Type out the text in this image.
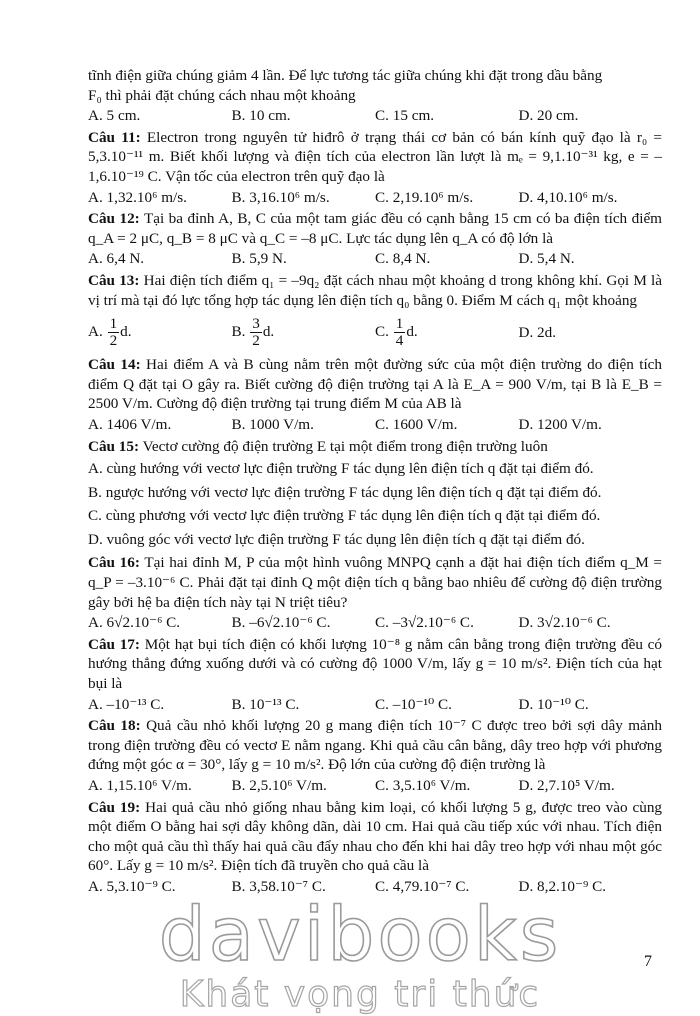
tĩnh điện giữa chúng giảm 4 lần. Để lực tương tác giữa chúng khi đặt trong dầu bằng
F₀ thì phải đặt chúng cách nhau một khoảng
A. 5 cm.	B. 10 cm.	C. 15 cm.	D. 20 cm.
Câu 11: Electron trong nguyên tử hiđrô ở trạng thái cơ bản có bán kính quỹ đạo là r₀ = 5,3.10⁻¹¹ m. Biết khối lượng và điện tích của electron lần lượt là mₑ = 9,1.10⁻³¹ kg, e = –1,6.10⁻¹⁹ C. Vận tốc của electron trên quỹ đạo là
A. 1,32.10⁶ m/s.	B. 3,16.10⁶ m/s.	C. 2,19.10⁶ m/s.	D. 4,10.10⁶ m/s.
Câu 12: Tại ba đỉnh A, B, C của một tam giác đều có cạnh bằng 15 cm có ba điện tích điểm q_A = 2 μC, q_B = 8 μC và q_C = –8 μC. Lực tác dụng lên q_A có độ lớn là
A. 6,4 N.	B. 5,9 N.	C. 8,4 N.	D. 5,4 N.
Câu 13: Hai điện tích điểm q₁ = –9q₂ đặt cách nhau một khoảng d trong không khí. Gọi M là vị trí mà tại đó lực tổng hợp tác dụng lên điện tích q₀ bằng 0. Điểm M cách q₁ một khoảng
A. $\frac{1}{2} d$.	B. $\frac{3}{2} d$.	C. $\frac{1}{4} d$.	D. 2d.
Câu 14: Hai điểm A và B cùng nằm trên một đường sức của một điện trường do điện tích điểm Q đặt tại O gây ra. Biết cường độ điện trường tại A là E_A = 900 V/m, tại B là E_B = 2500 V/m. Cường độ điện trường tại trung điểm M của AB là
A. 1406 V/m.	B. 1000 V/m.	C. 1600 V/m.	D. 1200 V/m.
Câu 15: Vectơ cường độ điện trường E tại một điểm trong điện trường luôn
A. cùng hướng với vectơ lực điện trường F tác dụng lên điện tích q đặt tại điểm đó.
B. ngược hướng với vectơ lực điện trường F tác dụng lên điện tích q đặt tại điểm đó.
C. cùng phương với vectơ lực điện trường F tác dụng lên điện tích q đặt tại điểm đó.
D. vuông góc với vectơ lực điện trường F tác dụng lên điện tích q đặt tại điểm đó.
Câu 16: Tại hai đỉnh M, P của một hình vuông MNPQ cạnh a đặt hai điện tích điểm q_M = q_P = –3.10⁻⁶ C. Phải đặt tại đỉnh Q một điện tích q bằng bao nhiêu để cường độ điện trường gây bởi hệ ba điện tích này tại N triệt tiêu?
A. 6√2.10⁻⁶ C.	B. –6√2.10⁻⁶ C.	C. –3√2.10⁻⁶ C.	D. 3√2.10⁻⁶ C.
Câu 17: Một hạt bụi tích điện có khối lượng 10⁻⁸ g nằm cân bằng trong điện trường đều có hướng thẳng đứng xuống dưới và có cường độ 1000 V/m, lấy g = 10 m/s². Điện tích của hạt bụi là
A. –10⁻¹³ C.	B. 10⁻¹³ C.	C. –10⁻¹⁰ C.	D. 10⁻¹⁰ C.
Câu 18: Quả cầu nhỏ khối lượng 20 g mang điện tích 10⁻⁷ C được treo bởi sợi dây mảnh trong điện trường đều có vectơ E nằm ngang. Khi quả cầu cân bằng, dây treo hợp với phương đứng một góc α = 30°, lấy g = 10 m/s². Độ lớn của cường độ điện trường là
A. 1,15.10⁶ V/m.	B. 2,5.10⁶ V/m.	C. 3,5.10⁶ V/m.	D. 2,7.10⁵ V/m.
Câu 19: Hai quả cầu nhỏ giống nhau bằng kim loại, có khối lượng 5 g, được treo vào cùng một điểm O bằng hai sợi dây không dãn, dài 10 cm. Hai quả cầu tiếp xúc với nhau. Tích điện cho một quả cầu thì thấy hai quả cầu đẩy nhau cho đến khi hai dây treo hợp với nhau một góc 60°. Lấy g = 10 m/s². Điện tích đã truyền cho quả cầu là
A. 5,3.10⁻⁹ C.	B. 3,58.10⁻⁷ C.	C. 4,79.10⁻⁷ C.	D. 8,2.10⁻⁹ C.
davibooks
Khát vọng tri thức
7
